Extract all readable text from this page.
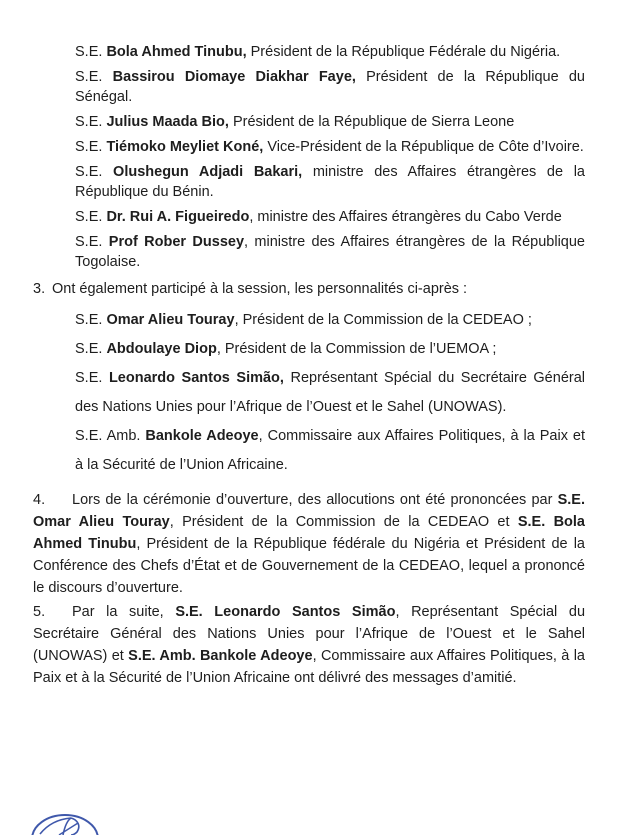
S.E. Bola Ahmed Tinubu, Président de la République Fédérale du Nigéria.

S.E. Bassirou Diomaye Diakhar Faye, Président de la République du Sénégal.

S.E. Julius Maada Bio, Président de la République de Sierra Leone

S.E. Tiémoko Meyliet Koné, Vice-Président de la République de Côte d’Ivoire.

S.E. Olushegun Adjadi Bakari, ministre des Affaires étrangères de la République du Bénin.

S.E. Dr. Rui A. Figueiredo, ministre des Affaires étrangères du Cabo Verde

S.E. Prof Rober Dussey, ministre des Affaires étrangères de la République Togolaise.

3. Ont également participé à la session, les personnalités ci-après :

S.E. Omar Alieu Touray, Président de la Commission de la CEDEAO ;

S.E. Abdoulaye Diop, Président de la Commission de l’UEMOA ;

S.E. Leonardo Santos Simão, Représentant Spécial du Secrétaire Général des Nations Unies pour l’Afrique de l’Ouest et le Sahel (UNOWAS).

S.E. Amb. Bankole Adeoye, Commissaire aux Affaires Politiques, à la Paix et à la Sécurité de l’Union Africaine.

4. Lors de la cérémonie d’ouverture, des allocutions ont été prononcées par S.E. Omar Alieu Touray, Président de la Commission de la CEDEAO et S.E. Bola Ahmed Tinubu, Président de la République fédérale du Nigéria et Président de la Conférence des Chefs d’État et de Gouvernement de la CEDEAO, lequel a prononcé le discours d’ouverture.

5. Par la suite, S.E. Leonardo Santos Simão, Représentant Spécial du Secrétaire Général des Nations Unies pour l’Afrique de l’Ouest et le Sahel (UNOWAS) et S.E. Amb. Bankole Adeoye, Commissaire aux Affaires Politiques, à la Paix et à la Sécurité de l’Union Africaine ont délivré des messages d’amitié.
